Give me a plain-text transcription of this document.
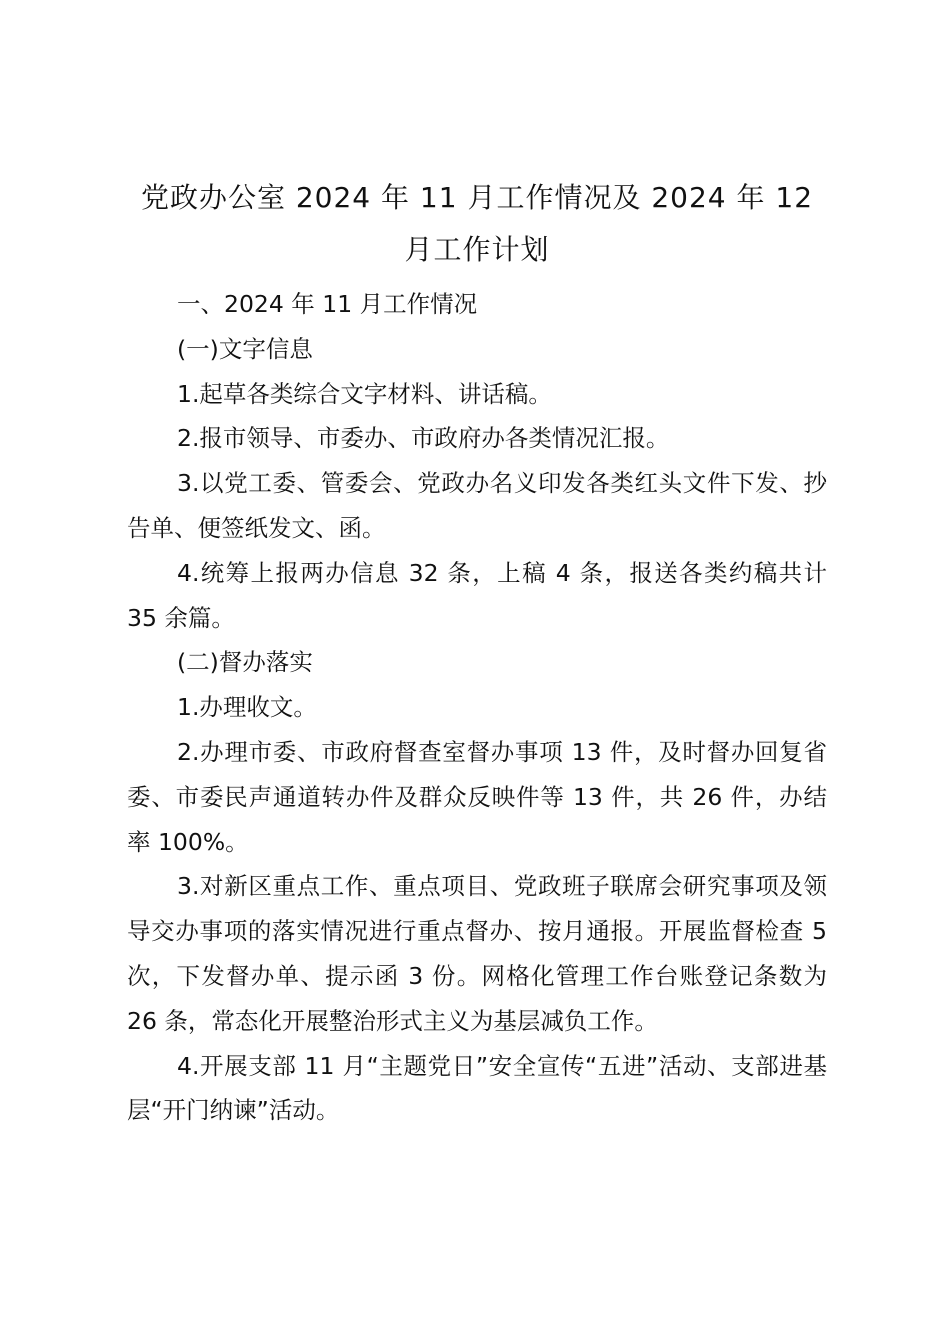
党政办公室 2024 年 11 月工作情况及 2024 年 12 月工作计划

一、2024 年 11 月工作情况

(一)文字信息

1.起草各类综合文字材料、讲话稿。

2.报市领导、市委办、市政府办各类情况汇报。

3.以党工委、管委会、党政办名义印发各类红头文件下发、抄告单、便签纸发文、函。

4.统筹上报两办信息 32 条，上稿 4 条，报送各类约稿共计 35 余篇。

(二)督办落实

1.办理收文。

2.办理市委、市政府督查室督办事项 13 件，及时督办回复省委、市委民声通道转办件及群众反映件等 13 件，共 26 件，办结率 100%。

3.对新区重点工作、重点项目、党政班子联席会研究事项及领导交办事项的落实情况进行重点督办、按月通报。开展监督检查 5 次，下发督办单、提示函 3 份。网格化管理工作台账登记条数为 26 条，常态化开展整治形式主义为基层减负工作。

4.开展支部 11 月“主题党日”安全宣传“五进”活动、支部进基层“开门纳谏”活动。
